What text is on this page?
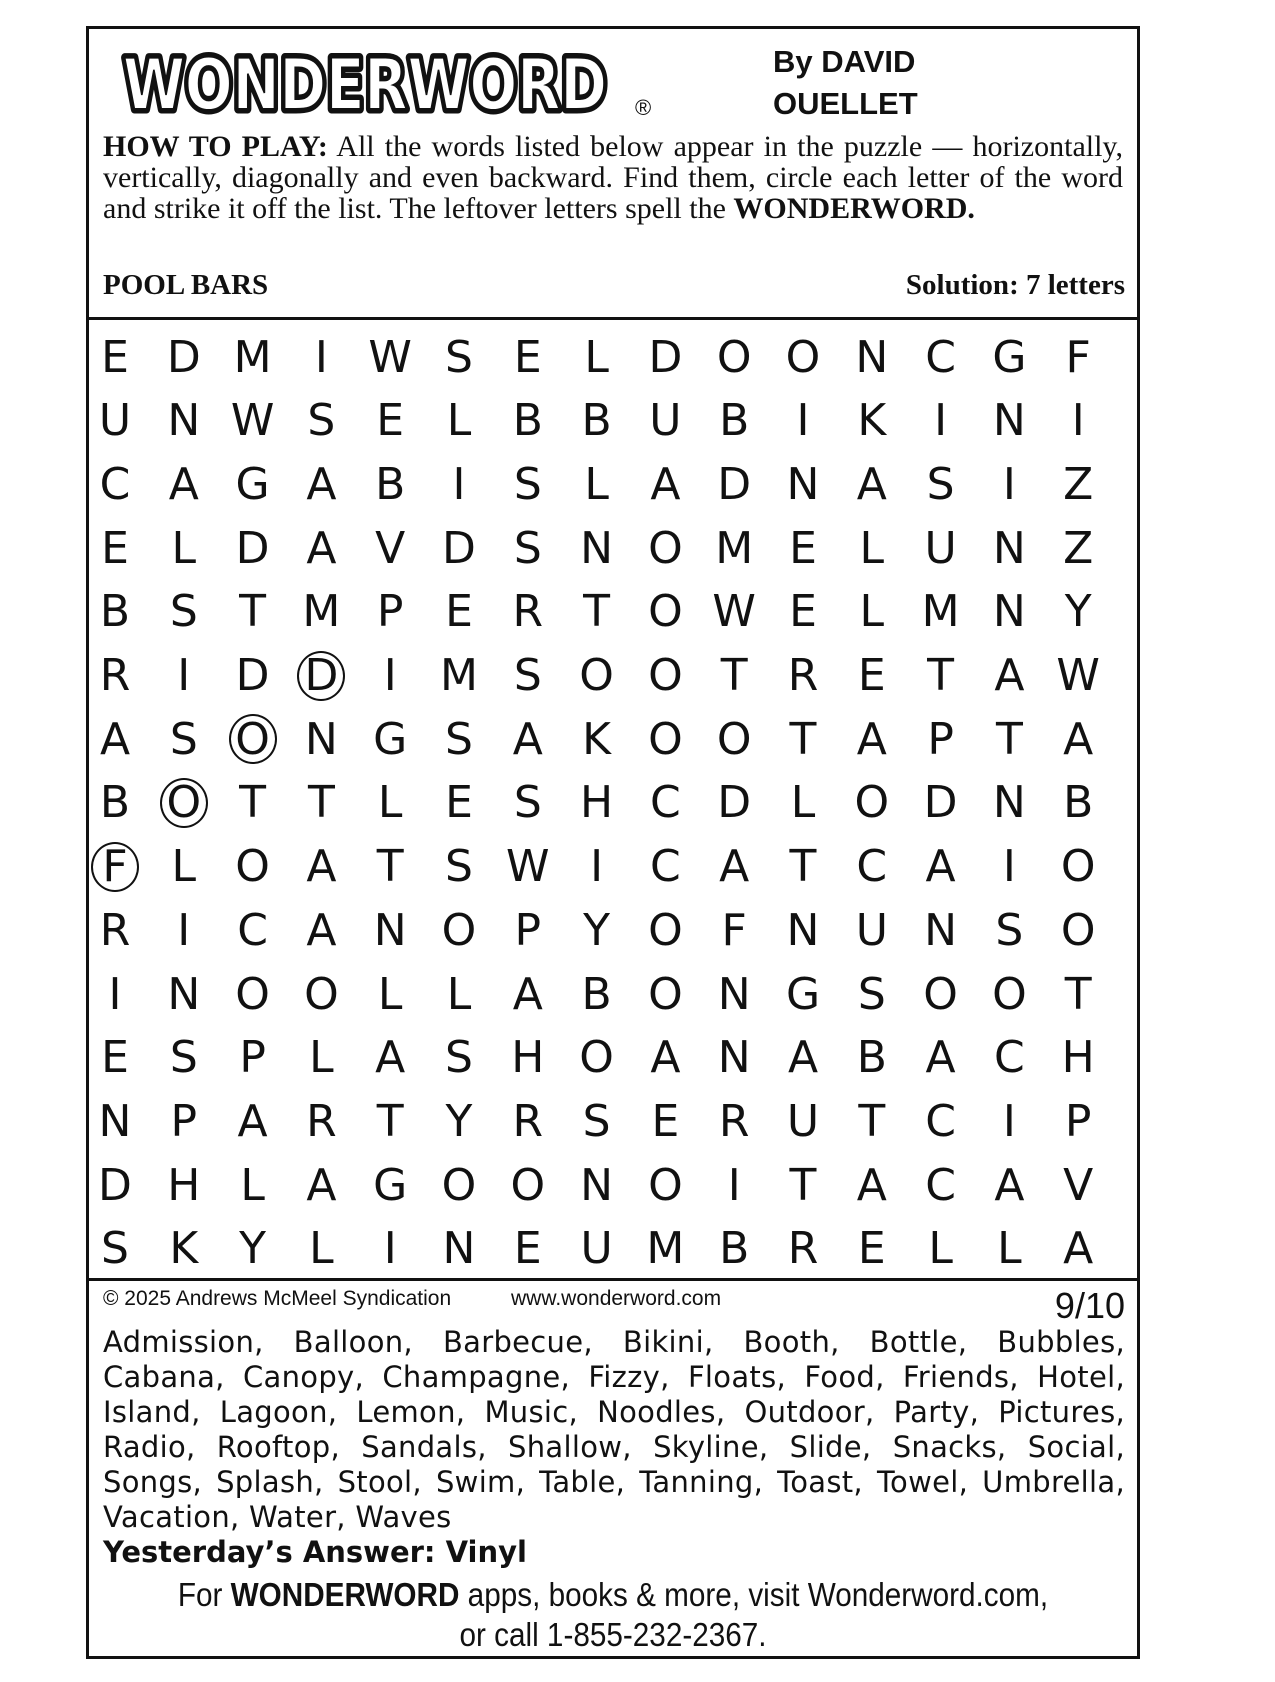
WONDERWORD
WONDERWORD ®
By DAVID
OUELLET
HOW TO PLAY: All the words listed below appear in the puzzle — horizontally, vertically, diagonally and even backward. Find them, circle each letter of the word and strike it off the list. The leftover letters spell the WONDERWORD.
POOL BARS	Solution: 7 letters
E D M I W S E L D O O N C G F
U N W S E L B B U B	I	K	I	N	I
C A G A B	I	S L A D N A S	I	Z
E L D A V D S N O M E L U N Z
B S T M P E R T O W E L M N Y
R	I	D D	I M S O O T R E T A W
A S O N G S A K O O T A P T A
B O T T L E S H C D L O D N B
F L O A T S W I	C A T C A	I	O
R	I	C A N O P Y O F N U N S O
I	N O O L	L A B O N G S O O T
E S P L A S H O A N A B A C H
N P A R T Y R S E R U T C	I	P
D H L A G O O N O	I	T A C A V
S K Y L	I	N E U M B R E L	L A
© 2025 Andrews McMeel Syndication	www.wonderword.com	9/10
Admission, Balloon, Barbecue, Bikini, Booth, Bottle, Bubbles, Cabana, Canopy, Champagne, Fizzy, Floats, Food, Friends, Hotel, Island, Lagoon, Lemon, Music, Noodles, Outdoor, Party, Pictures, Radio, Rooftop, Sandals, Shallow, Skyline, Slide, Snacks, Social, Songs, Splash, Stool, Swim, Table, Tanning, Toast, Towel, Umbrella, Vacation, Water, Waves
Yesterday’s Answer: Vinyl
For WONDERWORD apps, books & more, visit Wonderword.com,
or call 1-855-232-2367.
